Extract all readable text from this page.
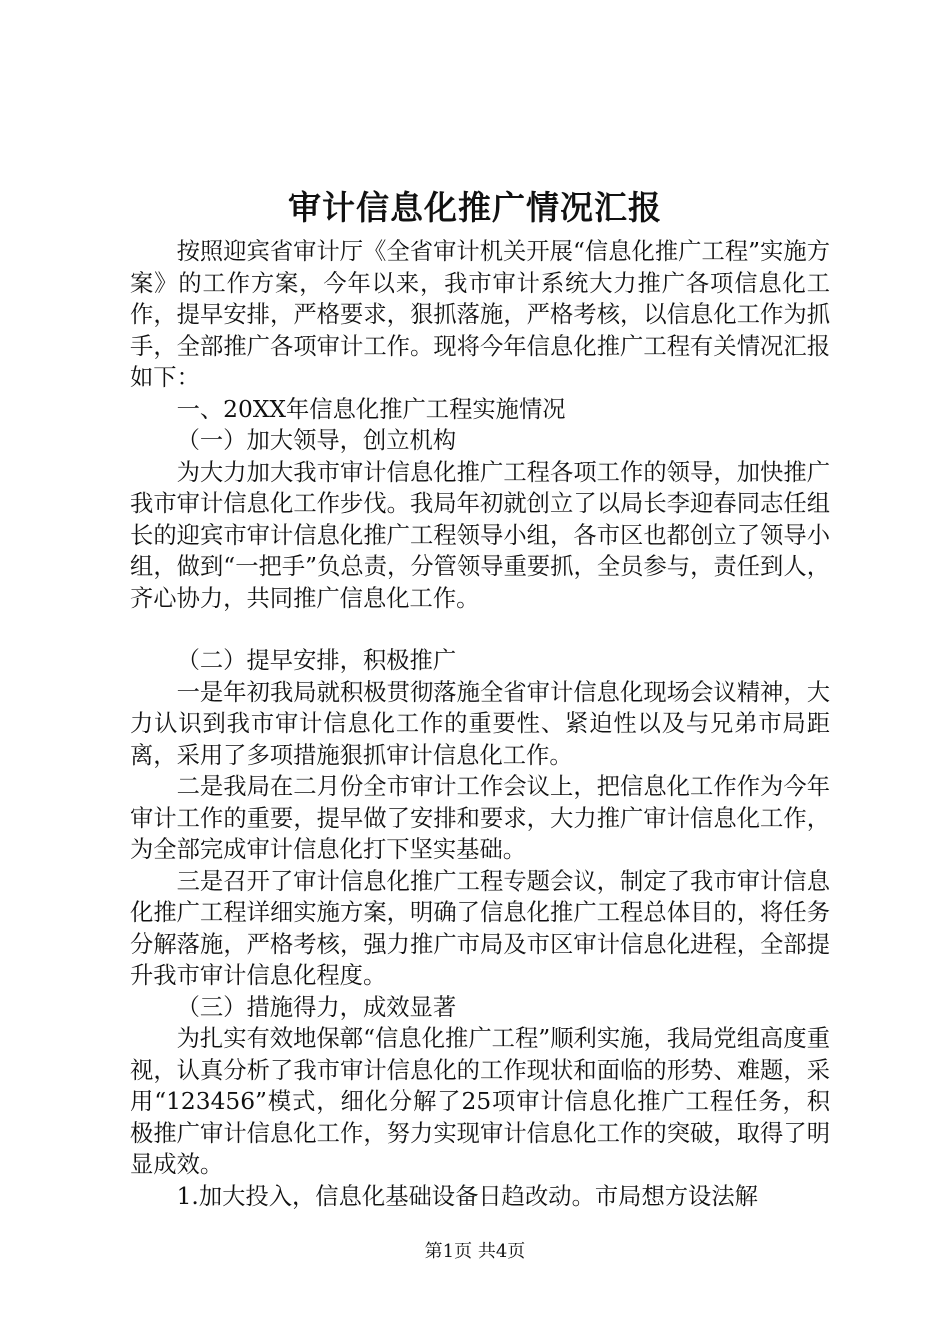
审计信息化推广情况汇报

按照迎宾省审计厅《全省审计机关开展“信息化推广工程”实施方案》的工作方案，今年以来，我市审计系统大力推广各项信息化工作，提早安排，严格要求，狠抓落施，严格考核，以信息化工作为抓手，全部推广各项审计工作。现将今年信息化推广工程有关情况汇报如下：

一、20XX年信息化推广工程实施情况

（一）加大领导，创立机构

为大力加大我市审计信息化推广工程各项工作的领导，加快推广我市审计信息化工作步伐。我局年初就创立了以局长李迎春同志任组长的迎宾市审计信息化推广工程领导小组，各市区也都创立了领导小组，做到“一把手”负总责，分管领导重要抓，全员参与，责任到人，齐心协力，共同推广信息化工作。

（二）提早安排，积极推广

一是年初我局就积极贯彻落施全省审计信息化现场会议精神，大力认识到我市审计信息化工作的重要性、紧迫性以及与兄弟市局距离，采用了多项措施狠抓审计信息化工作。

二是我局在二月份全市审计工作会议上，把信息化工作作为今年审计工作的重要，提早做了安排和要求，大力推广审计信息化工作，为全部完成审计信息化打下坚实基础。

三是召开了审计信息化推广工程专题会议，制定了我市审计信息化推广工程详细实施方案，明确了信息化推广工程总体目的，将任务分解落施，严格考核，强力推广市局及市区审计信息化进程，全部提升我市审计信息化程度。

（三）措施得力，成效显著

为扎实有效地保鄣“信息化推广工程”顺利实施，我局党组高度重视，认真分析了我市审计信息化的工作现状和面临的形势、难题，采用“123456”模式，细化分解了25项审计信息化推广工程任务，积极推广审计信息化工作，努力实现审计信息化工作的突破，取得了明显成效。

1.加大投入，信息化基础设备日趋改动。市局想方设法解

第1页 共4页
